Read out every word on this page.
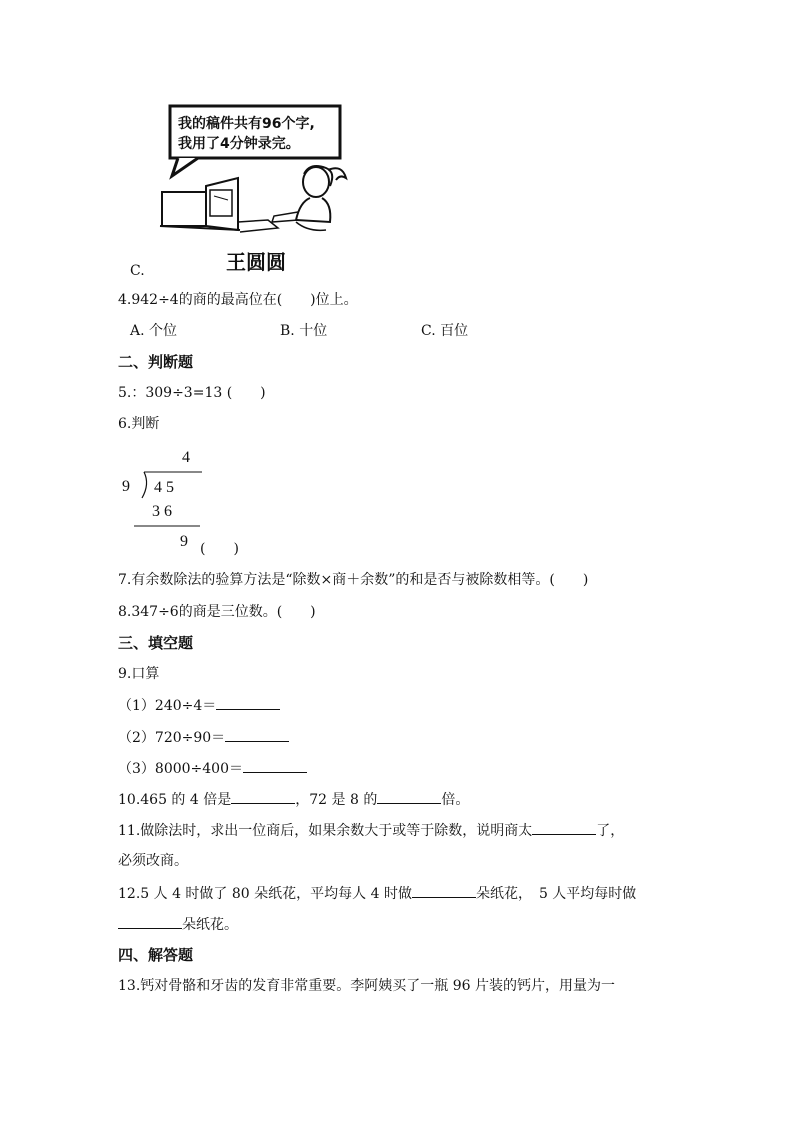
我的稿件共有96个字,
我用了4分钟录完。
王圆圆
C.
4.942÷4的商的最高位在(　　)位上。
A. 个位	B. 十位	C. 百位
二、判断题
5.：309÷3=13 (　　)
6.判断
4
9 4 5
3 6
9 (　　)
7.有余数除法的验算方法是“除数×商＋余数”的和是否与被除数相等。(　　)
8.347÷6的商是三位数。(　　)
三、填空题
9.口算
（1）240÷4＝
（2）720÷90＝
（3）8000÷400＝
10.465 的 4 倍是	，72 是 8 的	倍。
11.做除法时，求出一位商后，如果余数大于或等于除数，说明商太	了，
必须改商。
12.5 人 4 时做了 80 朵纸花，平均每人 4 时做	朵纸花，　5 人平均每时做
朵纸花。
四、解答题
13.钙对骨骼和牙齿的发育非常重要。李阿姨买了一瓶 96 片装的钙片，用量为一
